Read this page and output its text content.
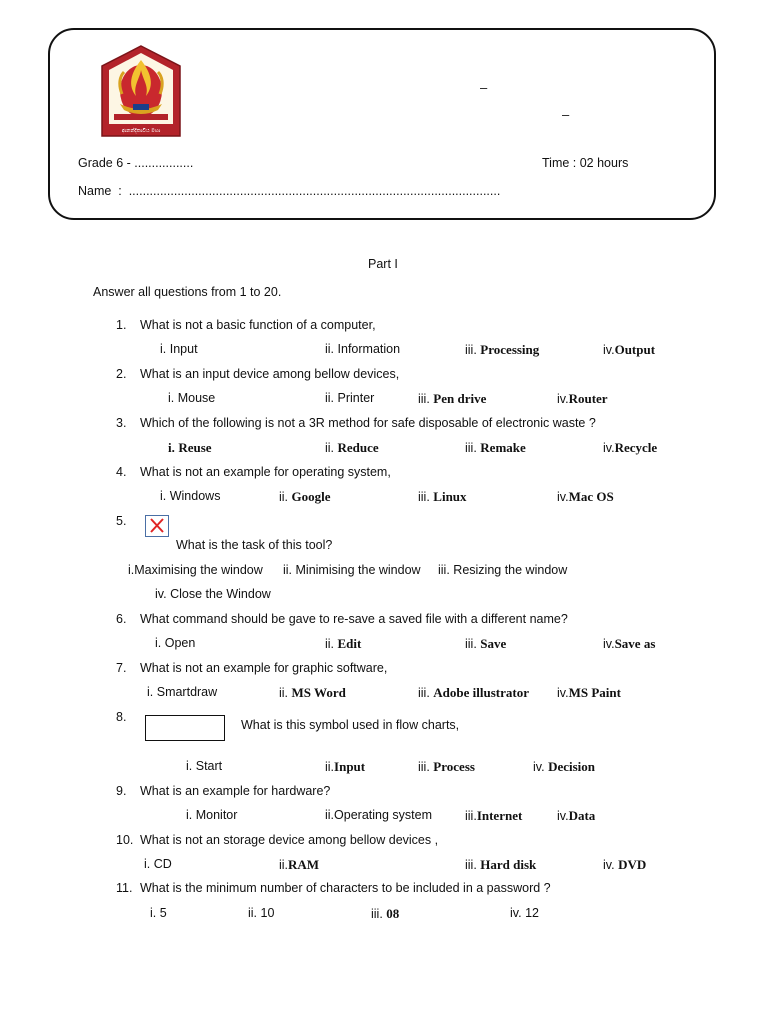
ආනන්දිකාවිය මහා
–
–
Grade 6 - .................	Time : 02 hours
Name  :  ...........................................................................................................
Part I
Answer all questions from 1 to 20.
1. What is not a basic function of a computer,
i. Input	ii. Information	iii. Processing	iv.Output
2. What is an input device among bellow devices,
i. Mouse	ii. Printer	iii. Pen drive	iv.Router
3. Which of the following is not a 3R method for safe disposable of electronic waste ?
i. Reuse	ii. Reduce	iii. Remake	iv.Recycle
4. What is not an example for operating system,
i. Windows	ii. Google	iii. Linux	iv.Mac OS
5.
What is the task of this tool?
i.Maximising the window ii. Minimising the window iii. Resizing the window
iv. Close the Window
6. What command should be gave to re-save a saved file with a different name?
i. Open	ii. Edit	iii. Save	iv.Save as
7. What is not an example for graphic software,
i. Smartdraw	ii. MS Word	iii. Adobe illustrator iv.MS Paint
8.
What is this symbol used in flow charts,
i. Start	ii.Input	iii. Process	iv. Decision
9. What is an example for hardware?
i. Monitor	ii.Operating system	iii.Internet	iv.Data
10. What is not an storage device among bellow devices ,
i. CD	ii.RAM	iii. Hard disk	iv. DVD
11. What is the minimum number of characters to be included in a password ?
i. 5	ii. 10	iii. 08	iv. 12
